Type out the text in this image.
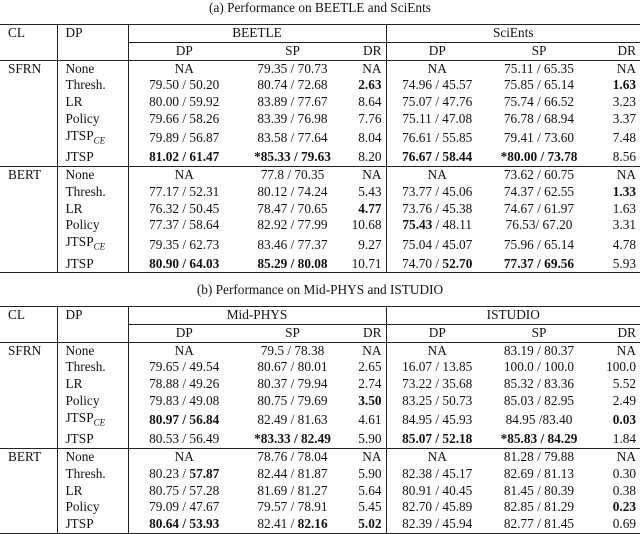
(a) Performance on BEETLE and SciEnts
CL	DP	BEETLE			SciEnts		
		DP	SP	DR	DP	SP	DR
SFRN	None	NA	79.35 / 70.73	NA	NA	75.11 / 65.35	NA
	Thresh.	79.50 / 50.20	80.74 / 72.68	2.63	74.96 / 45.57	75.85 / 65.14	1.63
	LR	80.00 / 59.92	83.89 / 77.67	8.64	75.07 / 47.76	75.74 / 66.52	3.23
	Policy	79.66 / 58.26	83.39 / 76.98	7.76	75.11 / 47.08	76.78 / 68.94	3.37
	$JTSP_{CE}$	79.89 / 56.87	83.58 / 77.64	8.04	76.61 / 55.85	79.41 / 73.60	7.48
	JTSP	81.02 / 61.47	*85.33 / 79.63	8.20	76.67 / 58.44	*80.00 / 73.78	8.56
BERT	None	NA	77.8 / 70.35	NA	NA	73.62 / 60.75	NA
	Thresh.	77.17 / 52.31	80.12 / 74.24	5.43	73.77 / 45.06	74.37 / 62.55	1.33
	LR	76.32 / 50.45	78.47 / 70.65	4.77	73.76 / 45.38	74.67 / 61.97	1.63
	Policy	77.37 / 58.64	82.92 / 77.99	10.68	75.43 / 48.11	76.53/ 67.20	3.31
	$JTSP_{CE}$	79.35 / 62.73	83.46 / 77.37	9.27	75.04 / 45.07	75.96 / 65.14	4.78
	JTSP	80.90 / 64.03	85.29 / 80.08	10.71	74.70 / 52.70	77.37 / 69.56	5.93
(b) Performance on Mid-PHYS and ISTUDIO
CL	DP	Mid-PHYS			ISTUDIO		
		DP	SP	DR	DP	SP	DR
SFRN	None	NA	79.5 / 78.38	NA	NA	83.19 / 80.37	NA
	Thresh.	79.65 / 49.54	80.67 / 80.01	2.65	16.07 / 13.85	100.0 / 100.0	100.0
	LR	78.88 / 49.26	80.37 / 79.94	2.74	73.22 / 35.68	85.32 / 83.36	5.52
	Policy	79.83 / 49.08	80.75 / 79.69	3.50	83.25 / 50.73	85.03 / 82.95	2.49
	$JTSP_{CE}$	80.97 / 56.84	82.49 / 81.63	4.61	84.95 / 45.93	84.95 /83.40	0.03
	JTSP	80.53 / 56.49	*83.33 / 82.49	5.90	85.07 / 52.18	*85.83 / 84.29	1.84
BERT	None	NA	78.76 / 78.04	NA	NA	81.28 / 79.88	NA
	Thresh.	80.23 / 57.87	82.44 / 81.87	5.90	82.38 / 45.17	82.69 / 81.13	0.30
	LR	80.75 / 57.28	81.69 / 81.27	5.64	80.91 / 40.45	81.45 / 80.39	0.38
	Policy	79.09 / 47.67	79.57 / 78.91	5.45	82.70 / 45.89	82.85 / 81.29	0.23
	JTSP	80.64 / 53.93	82.41 / 82.16	5.02	82.39 / 45.94	82.77 / 81.45	0.69
